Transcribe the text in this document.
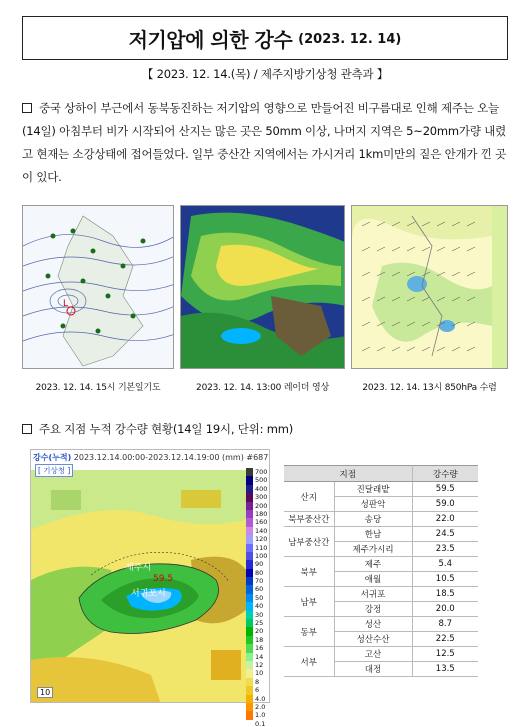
저기압에 의한 강수 (2023. 12. 14)
【 2023. 12. 14.(목) / 제주지방기상청 관측과 】
중국 상하이 부근에서 동북동진하는 저기압의 영향으로 만들어진 비구름대로 인해 제주는 오늘(14일) 아침부터 비가 시작되어 산지는 많은 곳은 50mm 이상, 나머지 지역은 5~20mm가량 내렸고 현재는 소강상태에 접어들었다. 일부 중산간 지역에서는 가시거리 1km미만의 짙은 안개가 낀 곳이 있다.
L
2023. 12. 14. 15시 기본일기도	2023. 12. 14. 13:00 레이더 영상	2023. 12. 14. 13시 850hPa 수렴
주요 지점 누적 강수량 현황(14일 19시, 단위: mm)
강수(누적) 2023.12.14.00:00-2023.12.14.19:00 (mm) #687
[ 기상청 ]
제주시
서귀포시
59.5
10
700
500
400
300
200
180
160
140
120
110
100
90
80
70
60
50
40
30
25
20
18
16
14
12
10
8
6
4.0
2.0
1.0
0.1
지점		강수량
산지	진달래밭	59.5
	성판악	59.0
북부중산간	송당	22.0
남부중산간	한남	24.5
	제주가시리	23.5
북부	제주	5.4
	애월	10.5
남부	서귀포	18.5
	강정	20.0
동부	성산	8.7
	성산수산	22.5
서부	고산	12.5
	대정	13.5
